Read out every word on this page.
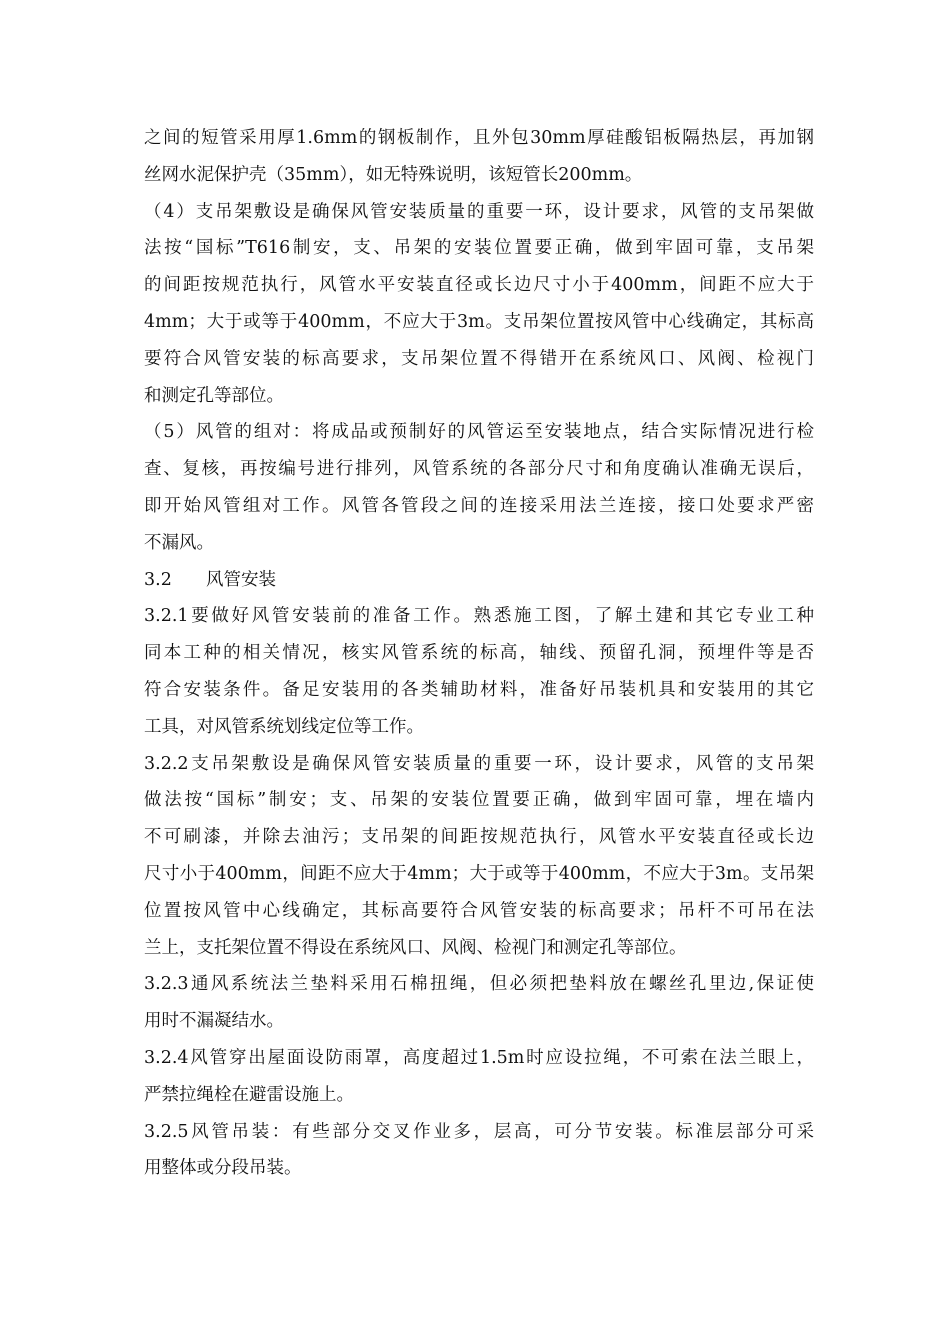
之间的短管采用厚1.6mm的钢板制作，且外包30mm厚硅酸铝板隔热层，再加钢
丝网水泥保护壳（35mm），如无特殊说明，该短管长200mm。
（4）支吊架敷设是确保风管安装质量的重要一环，设计要求，风管的支吊架做
法按“国标”T616制安，支、吊架的安装位置要正确，做到牢固可靠，支吊架
的间距按规范执行，风管水平安装直径或长边尺寸小于400mm，间距不应大于
4mm；大于或等于400mm，不应大于3m。支吊架位置按风管中心线确定，其标高
要符合风管安装的标高要求，支吊架位置不得错开在系统风口、风阀、检视门
和测定孔等部位。
（5）风管的组对：将成品或预制好的风管运至安装地点，结合实际情况进行检
查、复核，再按编号进行排列，风管系统的各部分尺寸和角度确认准确无误后，
即开始风管组对工作。风管各管段之间的连接采用法兰连接，接口处要求严密
不漏风。
3.2 风管安装
3.2.1要做好风管安装前的准备工作。熟悉施工图，了解土建和其它专业工种
同本工种的相关情况，核实风管系统的标高，轴线、预留孔洞，预埋件等是否
符合安装条件。备足安装用的各类辅助材料，准备好吊装机具和安装用的其它
工具，对风管系统划线定位等工作。
3.2.2支吊架敷设是确保风管安装质量的重要一环，设计要求，风管的支吊架
做法按“国标”制安；支、吊架的安装位置要正确，做到牢固可靠，埋在墙内
不可刷漆，并除去油污；支吊架的间距按规范执行，风管水平安装直径或长边
尺寸小于400mm，间距不应大于4mm；大于或等于400mm，不应大于3m。支吊架
位置按风管中心线确定，其标高要符合风管安装的标高要求；吊杆不可吊在法
兰上，支托架位置不得设在系统风口、风阀、检视门和测定孔等部位。
3.2.3通风系统法兰垫料采用石棉扭绳，但必须把垫料放在螺丝孔里边,保证使
用时不漏凝结水。
3.2.4风管穿出屋面设防雨罩，高度超过1.5m时应设拉绳，不可索在法兰眼上，
严禁拉绳栓在避雷设施上。
3.2.5风管吊装：有些部分交叉作业多，层高，可分节安装。标准层部分可采
用整体或分段吊装。
